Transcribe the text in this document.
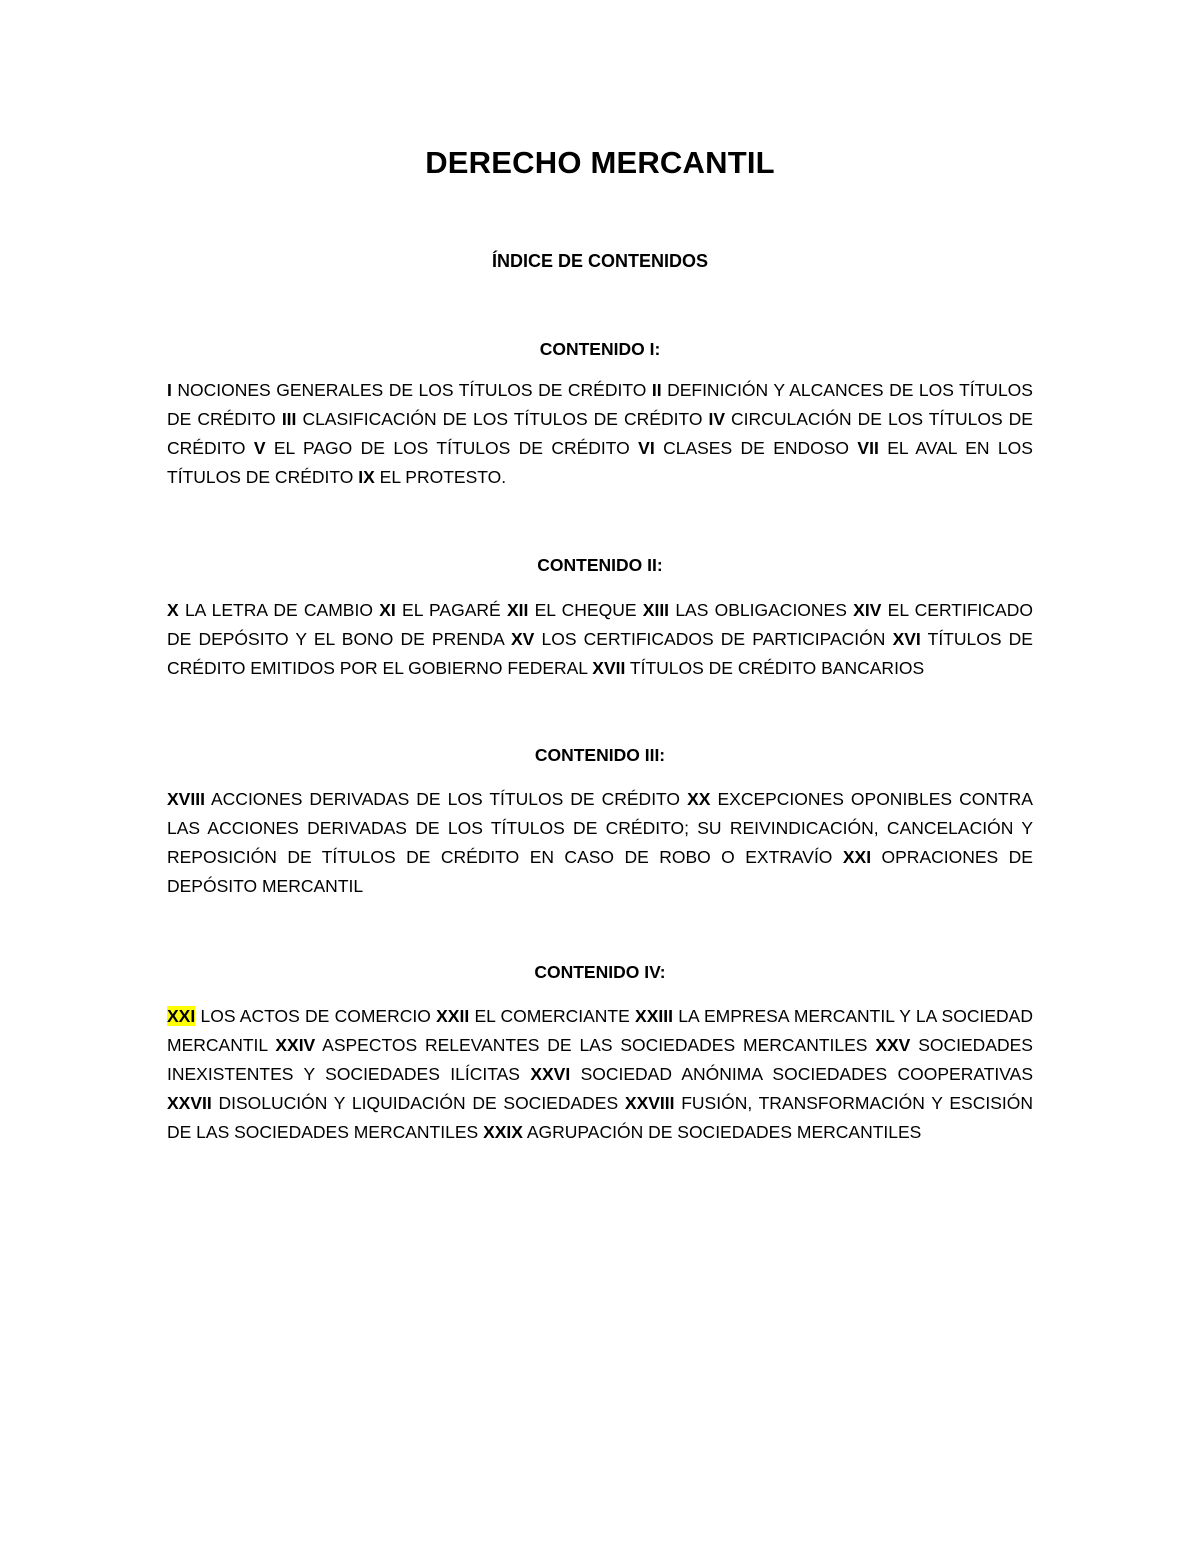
DERECHO MERCANTIL
ÍNDICE DE CONTENIDOS
CONTENIDO I:
I NOCIONES GENERALES DE LOS TÍTULOS DE CRÉDITO II DEFINICIÓN Y ALCANCES DE LOS TÍTULOS DE CRÉDITO III CLASIFICACIÓN DE LOS TÍTULOS DE CRÉDITO IV CIRCULACIÓN DE LOS TÍTULOS DE CRÉDITO V EL PAGO DE LOS TÍTULOS DE CRÉDITO VI CLASES DE ENDOSO VII EL AVAL EN LOS TÍTULOS DE CRÉDITO IX EL PROTESTO.
CONTENIDO II:
X LA LETRA DE CAMBIO XI EL PAGARÉ XII EL CHEQUE XIII LAS OBLIGACIONES XIV EL CERTIFICADO DE DEPÓSITO Y EL BONO DE PRENDA XV LOS CERTIFICADOS DE PARTICIPACIÓN XVI TÍTULOS DE CRÉDITO EMITIDOS POR EL GOBIERNO FEDERAL XVII TÍTULOS DE CRÉDITO BANCARIOS
CONTENIDO III:
XVIII ACCIONES DERIVADAS DE LOS TÍTULOS DE CRÉDITO XX EXCEPCIONES OPONIBLES CONTRA LAS ACCIONES DERIVADAS DE LOS TÍTULOS DE CRÉDITO; SU REIVINDICACIÓN, CANCELACIÓN Y REPOSICIÓN DE TÍTULOS DE CRÉDITO EN CASO DE ROBO O EXTRAVÍO XXI OPRACIONES DE DEPÓSITO MERCANTIL
CONTENIDO IV:
XXI LOS ACTOS DE COMERCIO XXII EL COMERCIANTE XXIII LA EMPRESA MERCANTIL Y LA SOCIEDAD MERCANTIL XXIV ASPECTOS RELEVANTES DE LAS SOCIEDADES MERCANTILES XXV SOCIEDADES INEXISTENTES Y SOCIEDADES ILÍCITAS XXVI SOCIEDAD ANÓNIMA SOCIEDADES COOPERATIVAS XXVII DISOLUCIÓN Y LIQUIDACIÓN DE SOCIEDADES XXVIII FUSIÓN, TRANSFORMACIÓN Y ESCISIÓN DE LAS SOCIEDADES MERCANTILES XXIX AGRUPACIÓN DE SOCIEDADES MERCANTILES
